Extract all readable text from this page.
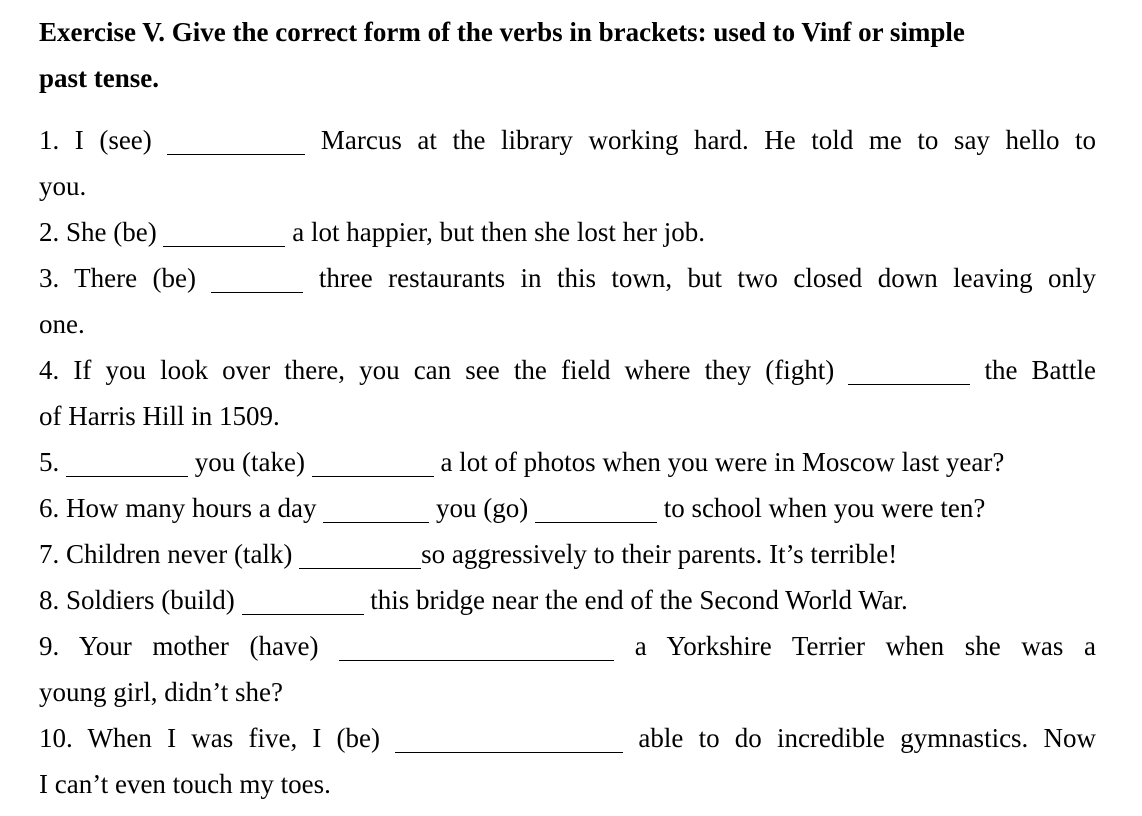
Exercise V. Give the correct form of the verbs in brackets: used to Vinf or simple
past tense.
1. I (see)	Marcus at the library working hard. He told me to say hello to
you.
2. She (be)	a lot happier, but then she lost her job.
3. There (be)	three restaurants in this town, but two closed down leaving only
one.
4. If you look over there, you can see the field where they (fight)	the Battle
of Harris Hill in 1509.
5.	you (take)	a lot of photos when you were in Moscow last year?
6. How many hours a day	you (go)	to school when you were ten?
7. Children never (talk)	so aggressively to their parents. It’s terrible!
8. Soldiers (build)	this bridge near the end of the Second World War.
9. Your mother (have)	a Yorkshire Terrier when she was a
young girl, didn’t she?
10. When I was five, I (be)	able to do incredible gymnastics. Now
I can’t even touch my toes.
